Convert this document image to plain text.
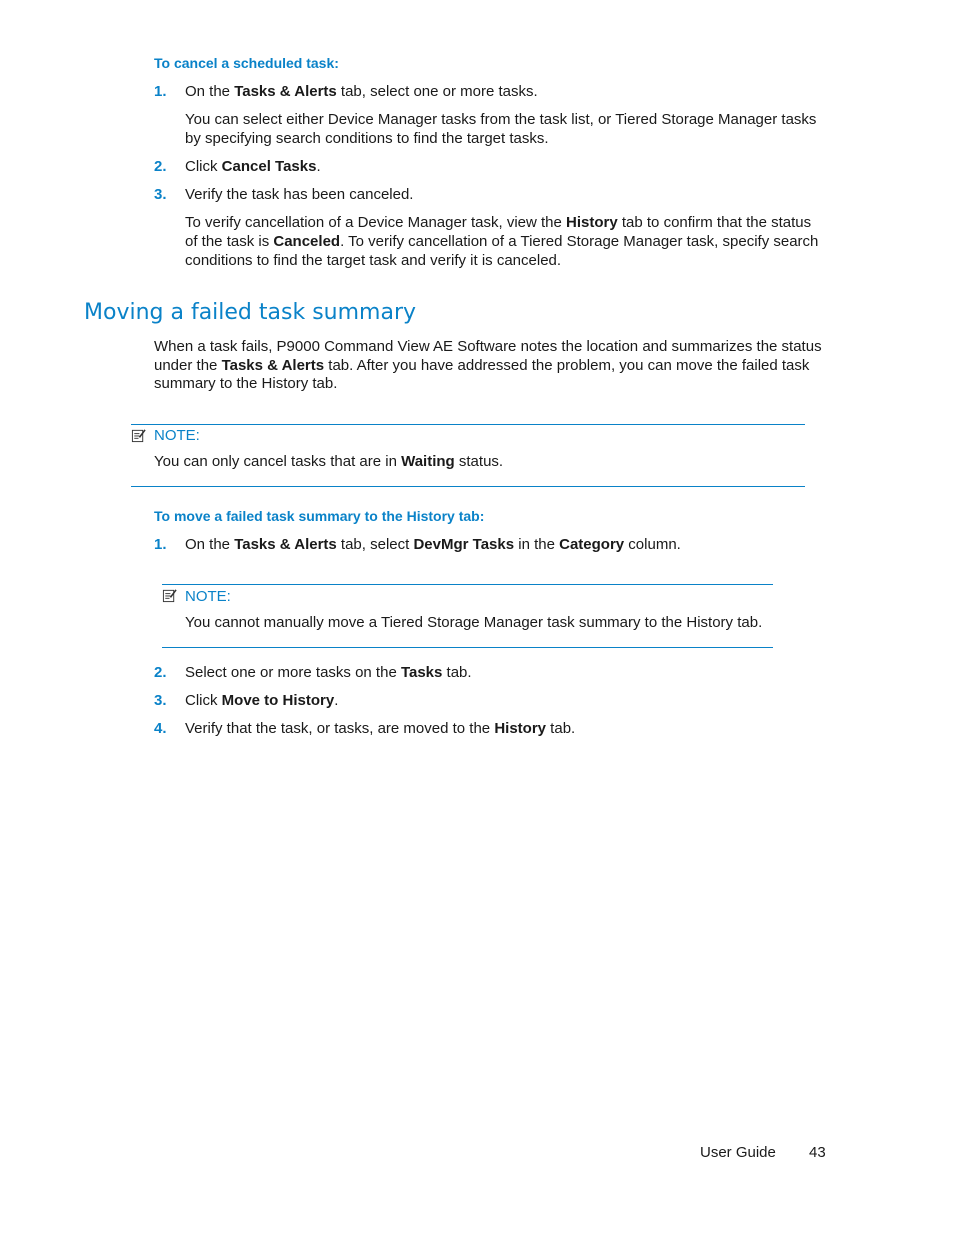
To cancel a scheduled task:
1. On the Tasks & Alerts tab, select one or more tasks.
You can select either Device Manager tasks from the task list, or Tiered Storage Manager tasks
by specifying search conditions to find the target tasks.
2. Click Cancel Tasks.
3. Verify the task has been canceled.
To verify cancellation of a Device Manager task, view the History tab to confirm that the status
of the task is Canceled. To verify cancellation of a Tiered Storage Manager task, specify search
conditions to find the target task and verify it is canceled.
Moving a failed task summary
When a task fails, P9000 Command View AE Software notes the location and summarizes the status
under the Tasks & Alerts tab. After you have addressed the problem, you can move the failed task
summary to the History tab.
NOTE:
You can only cancel tasks that are in Waiting status.
To move a failed task summary to the History tab:
1. On the Tasks & Alerts tab, select DevMgr Tasks in the Category column.
NOTE:
You cannot manually move a Tiered Storage Manager task summary to the History tab.
2. Select one or more tasks on the Tasks tab.
3. Click Move to History.
4. Verify that the task, or tasks, are moved to the History tab.
User Guide 43
